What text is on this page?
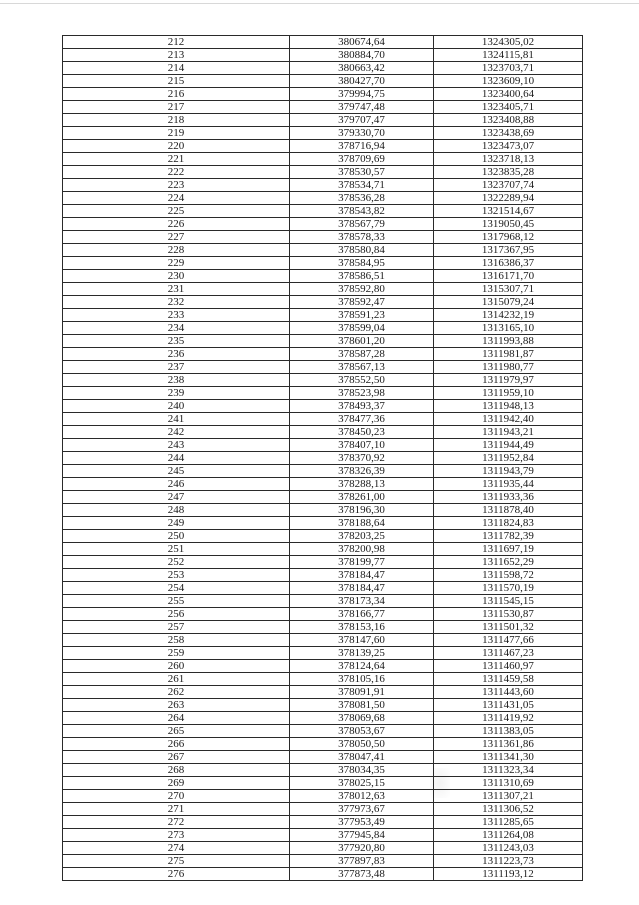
212	380674,64	1324305,02
213	380884,70	1324115,81
214	380663,42	1323703,71
215	380427,70	1323609,10
216	379994,75	1323400,64
217	379747,48	1323405,71
218	379707,47	1323408,88
219	379330,70	1323438,69
220	378716,94	1323473,07
221	378709,69	1323718,13
222	378530,57	1323835,28
223	378534,71	1323707,74
224	378536,28	1322289,94
225	378543,82	1321514,67
226	378567,79	1319050,45
227	378578,33	1317968,12
228	378580,84	1317367,95
229	378584,95	1316386,37
230	378586,51	1316171,70
231	378592,80	1315307,71
232	378592,47	1315079,24
233	378591,23	1314232,19
234	378599,04	1313165,10
235	378601,20	1311993,88
236	378587,28	1311981,87
237	378567,13	1311980,77
238	378552,50	1311979,97
239	378523,98	1311959,10
240	378493,37	1311948,13
241	378477,36	1311942,40
242	378450,23	1311943,21
243	378407,10	1311944,49
244	378370,92	1311952,84
245	378326,39	1311943,79
246	378288,13	1311935,44
247	378261,00	1311933,36
248	378196,30	1311878,40
249	378188,64	1311824,83
250	378203,25	1311782,39
251	378200,98	1311697,19
252	378199,77	1311652,29
253	378184,47	1311598,72
254	378184,47	1311570,19
255	378173,34	1311545,15
256	378166,77	1311530,87
257	378153,16	1311501,32
258	378147,60	1311477,66
259	378139,25	1311467,23
260	378124,64	1311460,97
261	378105,16	1311459,58
262	378091,91	1311443,60
263	378081,50	1311431,05
264	378069,68	1311419,92
265	378053,67	1311383,05
266	378050,50	1311361,86
267	378047,41	1311341,30
268	378034,35	1311323,34
269	378025,15	1311310,69
270	378012,63	1311307,21
271	377973,67	1311306,52
272	377953,49	1311285,65
273	377945,84	1311264,08
274	377920,80	1311243,03
275	377897,83	1311223,73
276	377873,48	1311193,12
